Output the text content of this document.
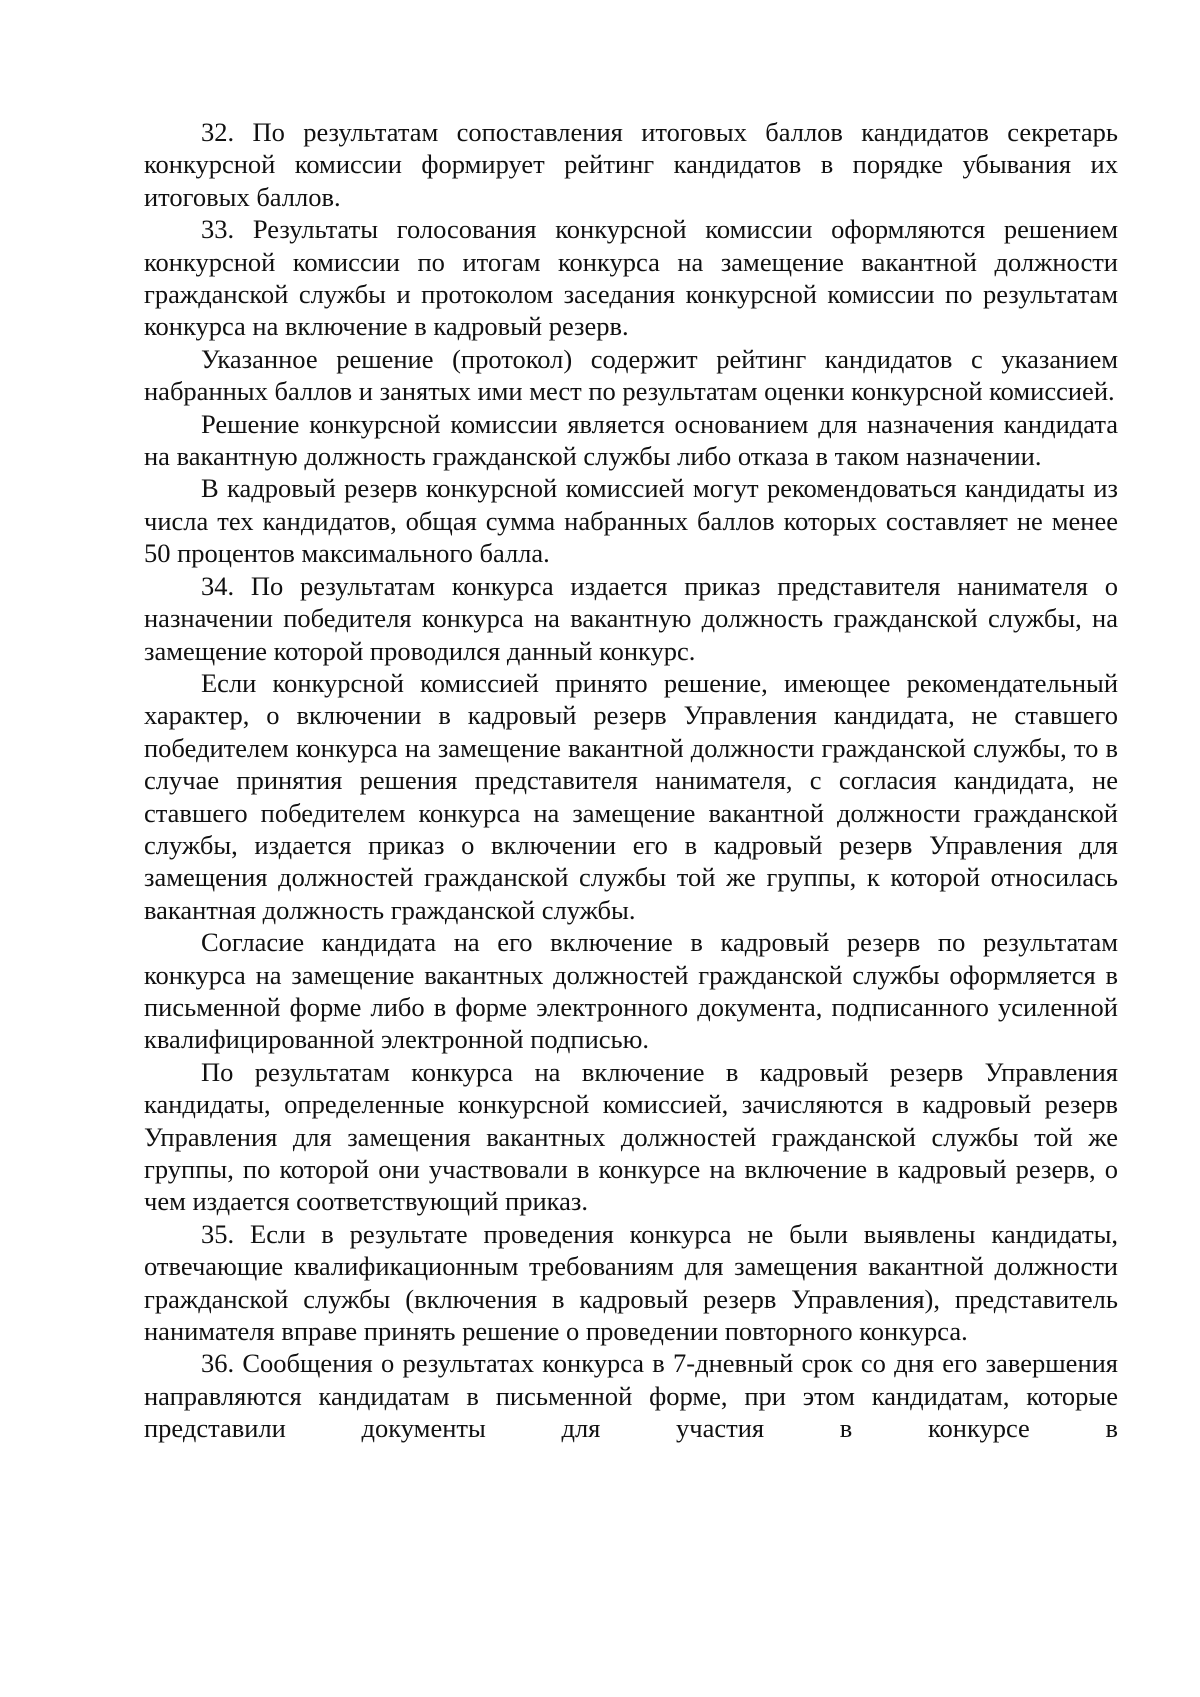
32. По результатам сопоставления итоговых баллов кандидатов секретарь конкурсной комиссии формирует рейтинг кандидатов в порядке убывания их итоговых баллов.

33. Результаты голосования конкурсной комиссии оформляются решением конкурсной комиссии по итогам конкурса на замещение вакантной должности гражданской службы и протоколом заседания конкурсной комиссии по результатам конкурса на включение в кадровый резерв.

Указанное решение (протокол) содержит рейтинг кандидатов с указанием набранных баллов и занятых ими мест по результатам оценки конкурсной комиссией.

Решение конкурсной комиссии является основанием для назначения кандидата на вакантную должность гражданской службы либо отказа в таком назначении.

В кадровый резерв конкурсной комиссией могут рекомендоваться кандидаты из числа тех кандидатов, общая сумма набранных баллов которых составляет не менее 50 процентов максимального балла.

34. По результатам конкурса издается приказ представителя нанимателя о назначении победителя конкурса на вакантную должность гражданской службы, на замещение которой проводился данный конкурс.

Если конкурсной комиссией принято решение, имеющее рекомендательный характер, о включении в кадровый резерв Управления кандидата, не ставшего победителем конкурса на замещение вакантной должности гражданской службы, то в случае принятия решения представителя нанимателя, с согласия кандидата, не ставшего победителем конкурса на замещение вакантной должности гражданской службы, издается приказ о включении его в кадровый резерв Управления для замещения должностей гражданской службы той же группы, к которой относилась вакантная должность гражданской службы.

Согласие кандидата на его включение в кадровый резерв по результатам конкурса на замещение вакантных должностей гражданской службы оформляется в письменной форме либо в форме электронного документа, подписанного усиленной квалифицированной электронной подписью.

По результатам конкурса на включение в кадровый резерв Управления кандидаты, определенные конкурсной комиссией, зачисляются в кадровый резерв Управления для замещения вакантных должностей гражданской службы той же группы, по которой они участвовали в конкурсе на включение в кадровый резерв, о чем издается соответствующий приказ.

35. Если в результате проведения конкурса не были выявлены кандидаты, отвечающие квалификационным требованиям для замещения вакантной должности гражданской службы (включения в кадровый резерв Управления), представитель нанимателя вправе принять решение о проведении повторного конкурса.

36. Сообщения о результатах конкурса в 7-дневный срок со дня его завершения направляются кандидатам в письменной форме, при этом кандидатам, которые представили документы для участия в конкурсе в
